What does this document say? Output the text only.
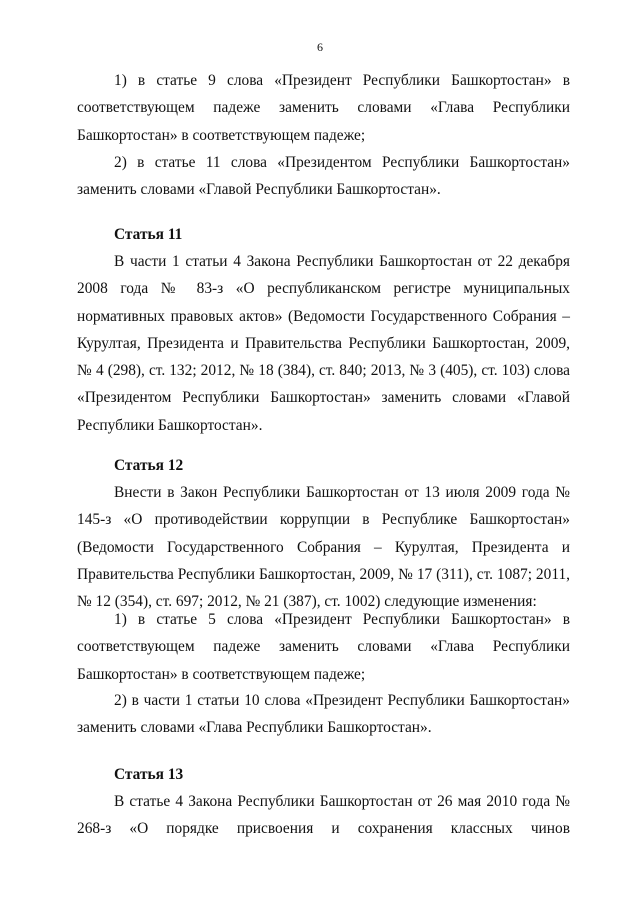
6

1) в статье 9 слова «Президент Республики Башкортостан» в соответствующем падеже заменить словами «Глава Республики Башкортостан» в соответствующем падеже;

2) в статье 11 слова «Президентом Республики Башкортостан» заменить словами «Главой Республики Башкортостан».

Статья 11

В части 1 статьи 4 Закона Республики Башкортостан от 22 декабря 2008 года № 83-з «О республиканском регистре муниципальных нормативных правовых актов» (Ведомости Государственного Собрания – Курултая, Президента и Правительства Республики Башкортостан, 2009, № 4 (298), ст. 132; 2012, № 18 (384), ст. 840; 2013, № 3 (405), ст. 103) слова «Президентом Республики Башкортостан» заменить словами «Главой Республики Башкортостан».

Статья 12

Внести в Закон Республики Башкортостан от 13 июля 2009 года № 145-з «О противодействии коррупции в Республике Башкортостан» (Ведомости Государственного Собрания – Курултая, Президента и Правительства Республики Башкортостан, 2009, № 17 (311), ст. 1087; 2011, № 12 (354), ст. 697; 2012, № 21 (387), ст. 1002) следующие изменения:

1) в статье 5 слова «Президент Республики Башкортостан» в соответствующем падеже заменить словами «Глава Республики Башкортостан» в соответствующем падеже;

2) в части 1 статьи 10 слова «Президент Республики Башкортостан» заменить словами «Глава Республики Башкортостан».

Статья 13

В статье 4 Закона Республики Башкортостан от 26 мая 2010 года № 268-з «О порядке присвоения и сохранения классных чинов
